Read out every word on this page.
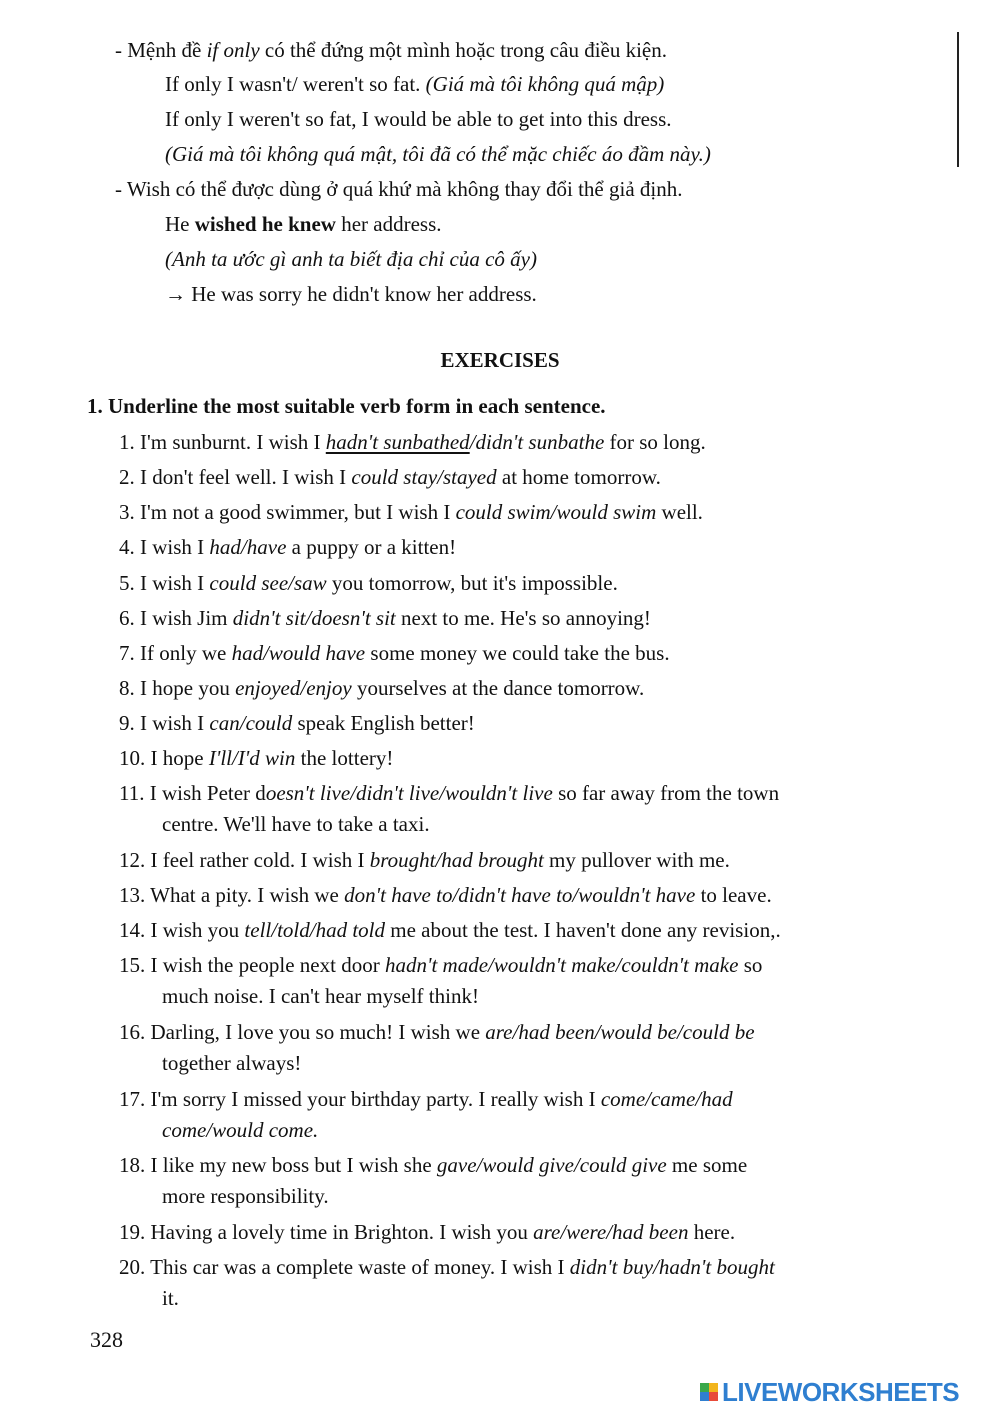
- Mệnh đề if only có thể đứng một mình hoặc trong câu điều kiện.
If only I wasn't/ weren't so fat. (Giá mà tôi không quá mập)
If only I weren't so fat, I would be able to get into this dress.
(Giá mà tôi không quá mật, tôi đã có thể mặc chiếc áo đầm này.)
- Wish có thể được dùng ở quá khứ mà không thay đổi thể giả định.
He wished he knew her address.
(Anh ta ước gì anh ta biết địa chỉ của cô ấy)
→ He was sorry he didn't know her address.
EXERCISES
1. Underline the most suitable verb form in each sentence.
1. I'm sunburnt. I wish I hadn't sunbathed/didn't sunbathe for so long.
2. I don't feel well. I wish I could stay/stayed at home tomorrow.
3. I'm not a good swimmer, but I wish I could swim/would swim well.
4. I wish I had/have a puppy or a kitten!
5. I wish I could see/saw you tomorrow, but it's impossible.
6. I wish Jim didn't sit/doesn't sit next to me. He's so annoying!
7. If only we had/would have some money we could take the bus.
8. I hope you enjoyed/enjoy yourselves at the dance tomorrow.
9. I wish I can/could speak English better!
10. I hope I'll/I'd win the lottery!
11. I wish Peter doesn't live/didn't live/wouldn't live so far away from the town
centre. We'll have to take a taxi.
12. I feel rather cold. I wish I brought/had brought my pullover with me.
13. What a pity. I wish we don't have to/didn't have to/wouldn't have to leave.
14. I wish you tell/told/had told me about the test. I haven't done any revision,.
15. I wish the people next door hadn't made/wouldn't make/couldn't make so
much noise. I can't hear myself think!
16. Darling, I love you so much! I wish we are/had been/would be/could be
together always!
17. I'm sorry I missed your birthday party. I really wish I come/came/had
come/would come.
18. I like my new boss but I wish she gave/would give/could give me some
more responsibility.
19. Having a lovely time in Brighton. I wish you are/were/had been here.
20. This car was a complete waste of money. I wish I didn't buy/hadn't bought
it.
328
LIVEWORKSHEETS
